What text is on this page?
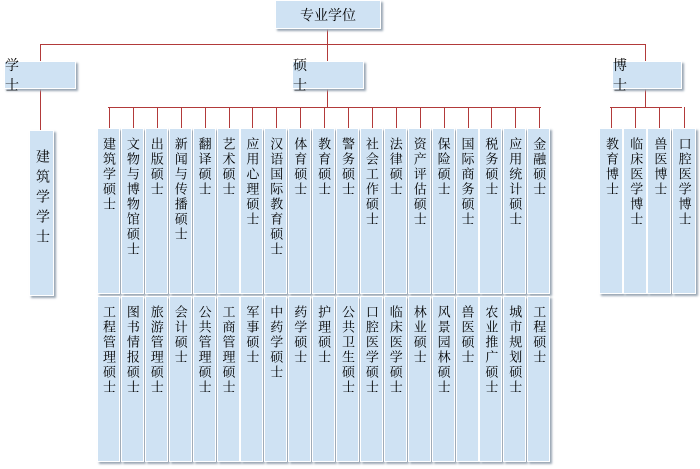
专业学位
学 士
硕 士
博 士
建筑学学士	建筑学硕士 文物与博物馆硕士 出版硕士 新闻与传播硕士 翻译硕士 艺术硕士 应用心理硕士 汉语国际教育硕士 体育硕士 教育硕士 警务硕士 社会工作硕士 法律硕士 资产评估硕士 保险硕士 国际商务硕士 税务硕士 应用统计硕士 金融硕士
工程管理硕士 图书情报硕士 旅游管理硕士 会计硕士 公共管理硕士 工商管理硕士 军事硕士 中药学硕士 药学硕士 护理硕士 公共卫生硕士 口腔医学硕士 临床医学硕士 林业硕士 风景园林硕士 兽医硕士 农业推广硕士 城市规划硕士 工程硕士
教育博士 临床医学博士 兽医博士 口腔医学博士
